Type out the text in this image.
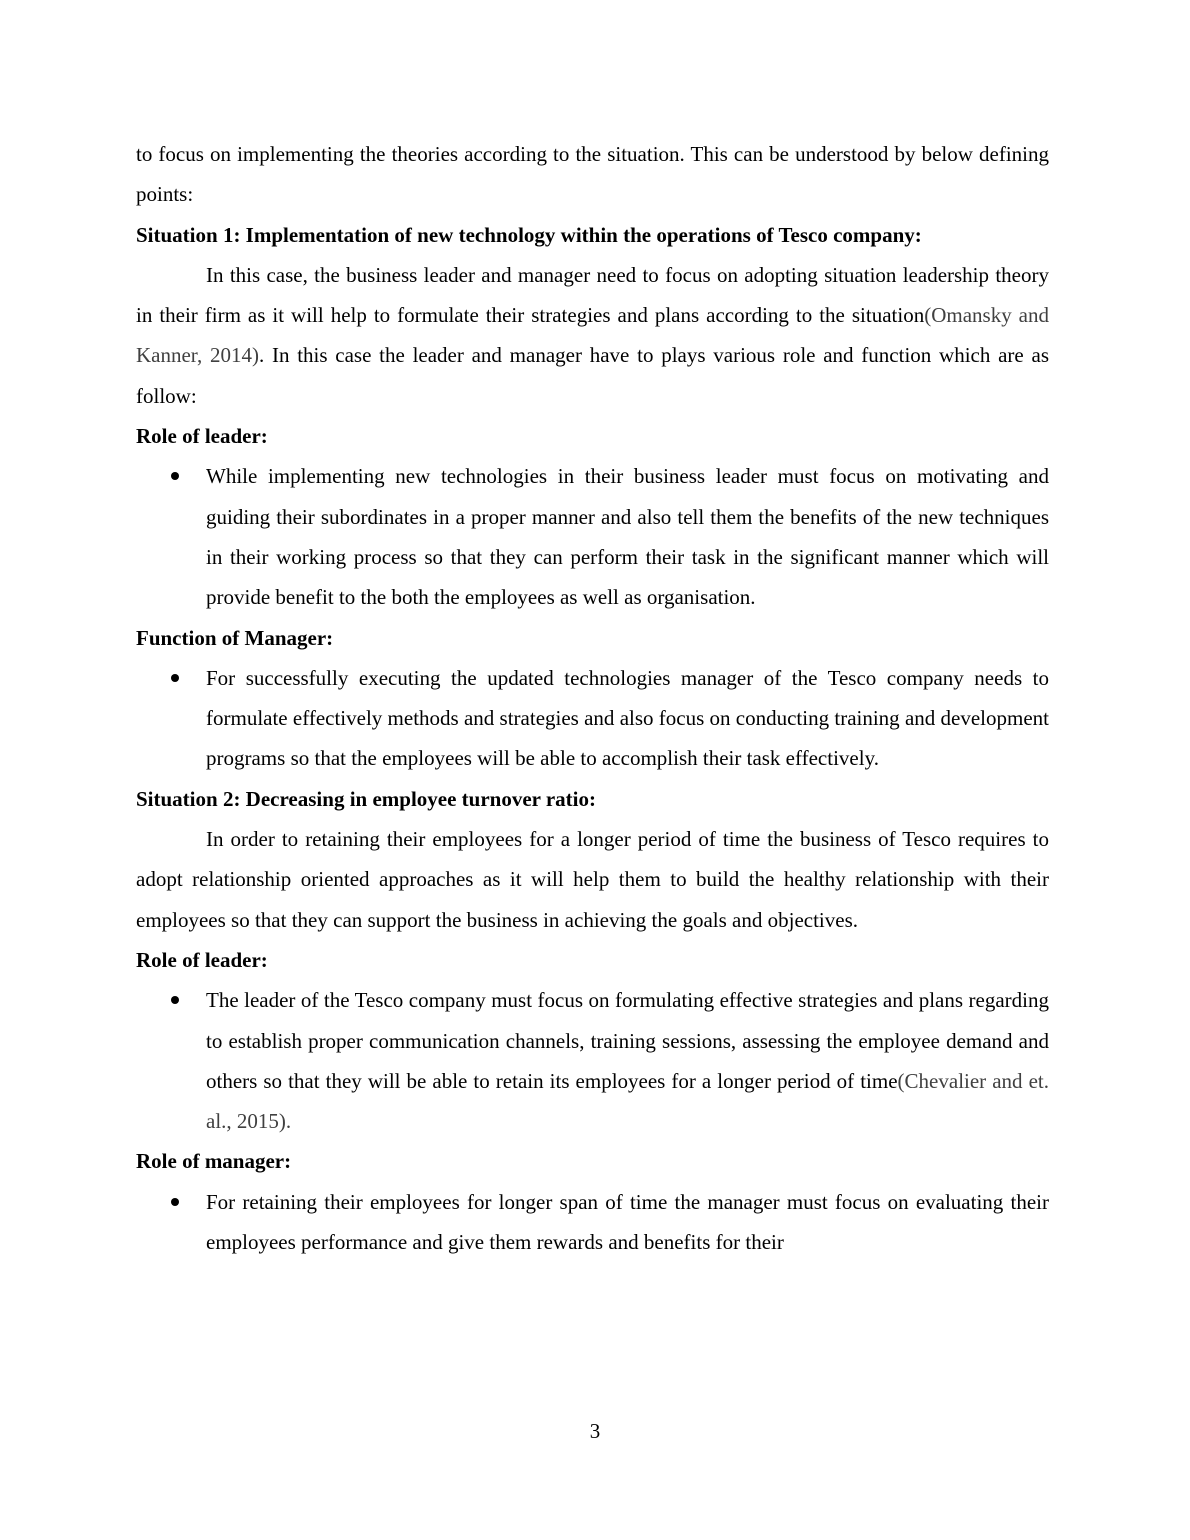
to focus on implementing the theories according to the situation. This can be understood by below defining points:

Situation 1: Implementation of new technology within the operations of Tesco company:

In this case, the business leader and manager need to focus on adopting situation leadership theory in their firm as it will help to formulate their strategies and plans according to the situation(Omansky and Kanner, 2014). In this case the leader and manager have to plays various role and function which are as follow:

Role of leader:

While implementing new technologies in their business leader must focus on motivating and guiding their subordinates in a proper manner and also tell them the benefits of the new techniques in their working process so that they can perform their task in the significant manner which will provide benefit to the both the employees as well as organisation.

Function of Manager:

For successfully executing the updated technologies manager of the Tesco company needs to formulate effectively methods and strategies and also focus on conducting training and development programs so that the employees will be able to accomplish their task effectively.

Situation 2: Decreasing in employee turnover ratio:

In order to retaining their employees for a longer period of time the business of Tesco requires to adopt relationship oriented approaches as it will help them to build the healthy relationship with their employees so that they can support the business in achieving the goals and objectives.

Role of leader:

The leader of the Tesco company must focus on formulating effective strategies and plans regarding to establish proper communication channels, training sessions, assessing the employee demand and others so that they will be able to retain its employees for a longer period of time(Chevalier and et. al., 2015).

Role of manager:

For retaining their employees for longer span of time the manager must focus on evaluating their employees performance and give them rewards and benefits for their
3
